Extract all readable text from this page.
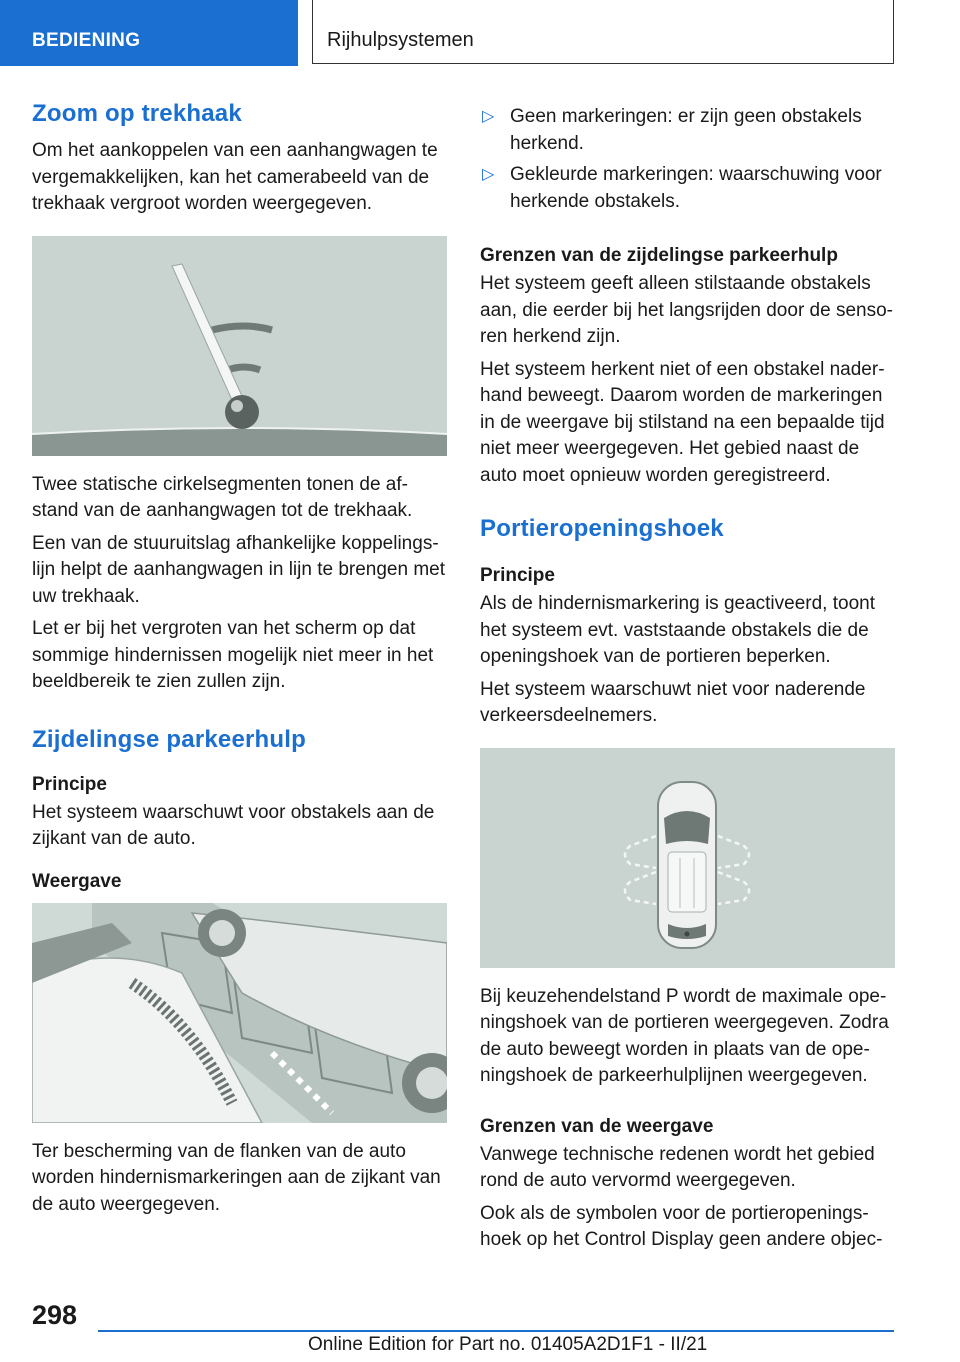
BEDIENING	Rijhulpsystemen
Zoom op trekhaak

Om het aankoppelen van een aanhangwagen te vergemakkelijken, kan het camerabeeld van de trekhaak vergroot worden weergegeven.

Twee statische cirkelsegmenten tonen de afstand van de aanhangwagen tot de trekhaak.

Een van de stuuruitslag afhankelijke koppelingslijn helpt de aanhangwagen in lijn te brengen met uw trekhaak.

Let er bij het vergroten van het scherm op dat sommige hindernissen mogelijk niet meer in het beeldbereik te zien zullen zijn.

Zijdelingse parkeerhulp
Principe

Het systeem waarschuwt voor obstakels aan de zijkant van de auto.

Weergave

Ter bescherming van de flanken van de auto worden hindernismarkeringen aan de zijkant van de auto weergegeven.

▷ Geen markeringen: er zijn geen obstakels herkend.
▷ Gekleurde markeringen: waarschuwing voor herkende obstakels.
Grenzen van de zijdelingse parkeerhulp

Het systeem geeft alleen stilstaande obstakels aan, die eerder bij het langsrijden door de sensoren herkend zijn.

Het systeem herkent niet of een obstakel naderhand beweegt. Daarom worden de markeringen in de weergave bij stilstand na een bepaalde tijd niet meer weergegeven. Het gebied naast de auto moet opnieuw worden geregistreerd.

Portieropeningshoek
Principe

Als de hindernismarkering is geactiveerd, toont het systeem evt. vaststaande obstakels die de openingshoek van de portieren beperken.

Het systeem waarschuwt niet voor naderende verkeersdeelnemers.

Bij keuzehendelstand P wordt de maximale openingshoek van de portieren weergegeven. Zodra de auto beweegt worden in plaats van de openingshoek de parkeerhulplijnen weergegeven.

Grenzen van de weergave

Vanwege technische redenen wordt het gebied rond de auto vervormd weergegeven.

Ook als de symbolen voor de portieropeningshoek op het Control Display geen andere objec-

298
Online Edition for Part no. 01405A2D1F1 - II/21
